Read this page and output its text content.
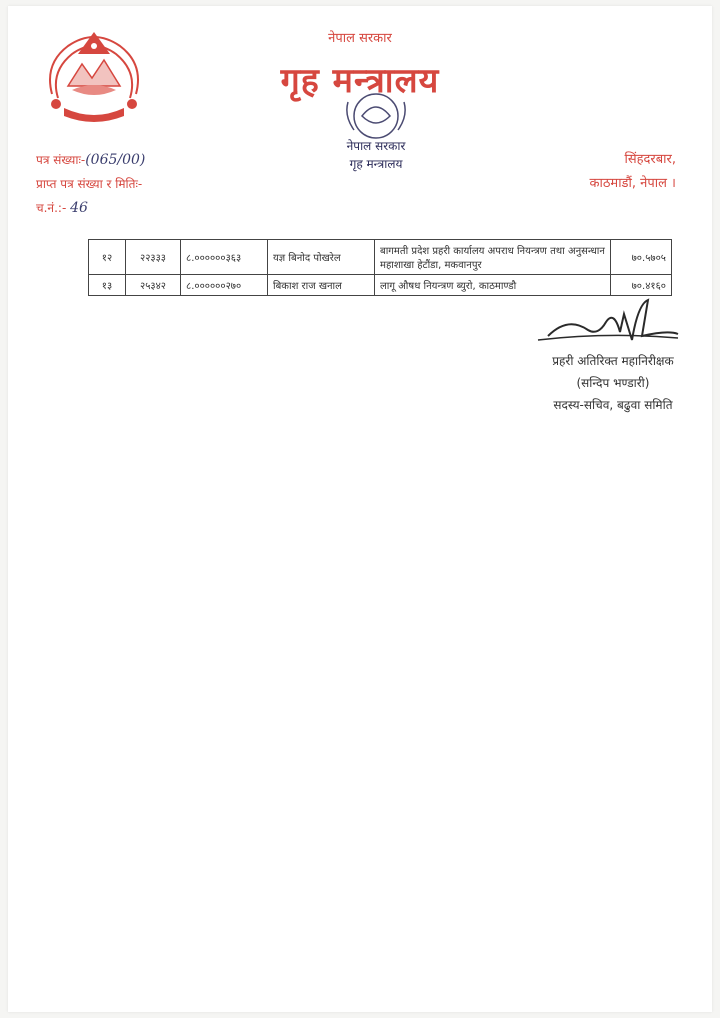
नेपाल सरकार
गृह मन्त्रालय
नेपाल सरकार
गृह मन्त्रालय
पत्र संख्याः-(065/00)
प्राप्त पत्र संख्या र मितिः-
च.नं.:- 46
सिंहदरबार,
काठमाडौं, नेपाल ।
१२	२२३३३	८.००००००३६३	यज्ञ बिनोद पोखरेल	बागमती प्रदेश प्रहरी कार्यालय अपराध नियन्त्रण तथा अनुसन्धान महाशाखा हेटौंडा, मकवानपुर	७०.५७०५
१३	२५३४२	८.००००००२७०	बिकाश राज खनाल	लागू औषध नियन्त्रण ब्युरो, काठमाण्डौ	७०.४१६०
प्रहरी अतिरिक्त महानिरीक्षक
(सन्दिप भण्डारी)
सदस्य-सचिव, बढुवा समिति
